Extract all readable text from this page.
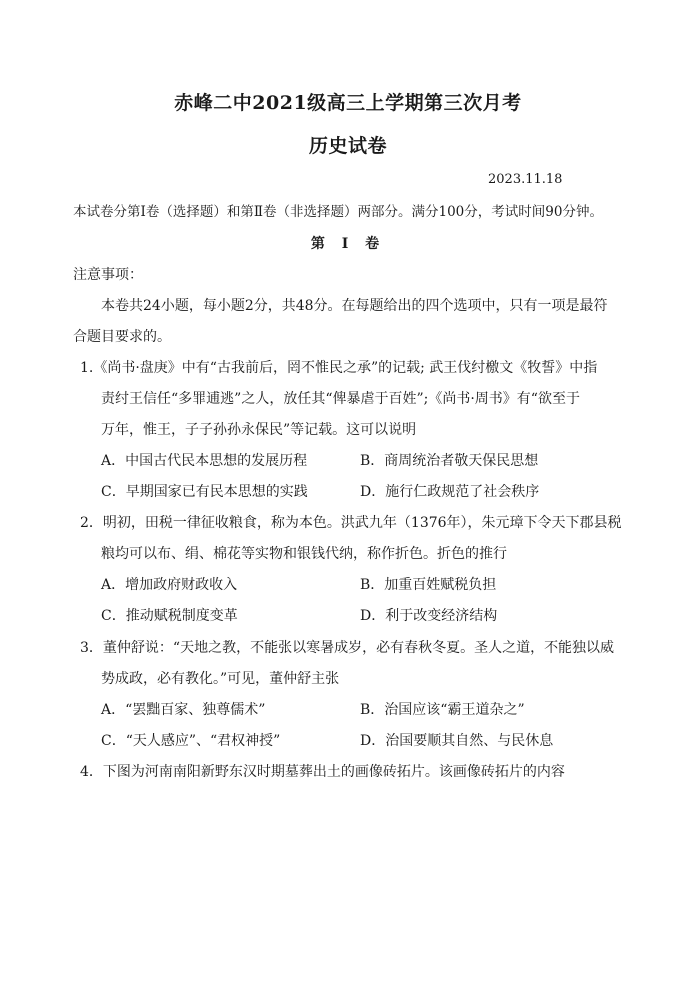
赤峰二中2021级高三上学期第三次月考
历史试卷
2023.11.18
本试卷分第Ⅰ卷（选择题）和第Ⅱ卷（非选择题）两部分。满分100分，考试时间90分钟。
第 Ⅰ 卷
注意事项：
本卷共24小题，每小题2分，共48分。在每题给出的四个选项中，只有一项是最符
合题目要求的。
1.《尚书·盘庚》中有“古我前后，罔不惟民之承”的记载; 武王伐纣檄文《牧誓》中指
责纣王信任“多罪逋逃”之人，放任其“俾暴虐于百姓”;《尚书·周书》有“欲至于
万年，惟王，子子孙孙永保民”等记载。这可以说明
A．中国古代民本思想的发展历程	B．商周统治者敬天保民思想
C．早期国家已有民本思想的实践	D．施行仁政规范了社会秩序
2．明初，田税一律征收粮食，称为本色。洪武九年（1376年），朱元璋下令天下郡县税
粮均可以布、绢、棉花等实物和银钱代纳，称作折色。折色的推行
A．增加政府财政收入	B．加重百姓赋税负担
C．推动赋税制度变革	D．利于改变经济结构
3．董仲舒说：“天地之教，不能张以寒暑成岁，必有春秋冬夏。圣人之道，不能独以威
势成政，必有教化。”可见，董仲舒主张
A．“罢黜百家、独尊儒术”	B．治国应该“霸王道杂之”
C．“天人感应”、“君权神授”	D．治国要顺其自然、与民休息
4．下图为河南南阳新野东汉时期墓葬出土的画像砖拓片。该画像砖拓片的内容
